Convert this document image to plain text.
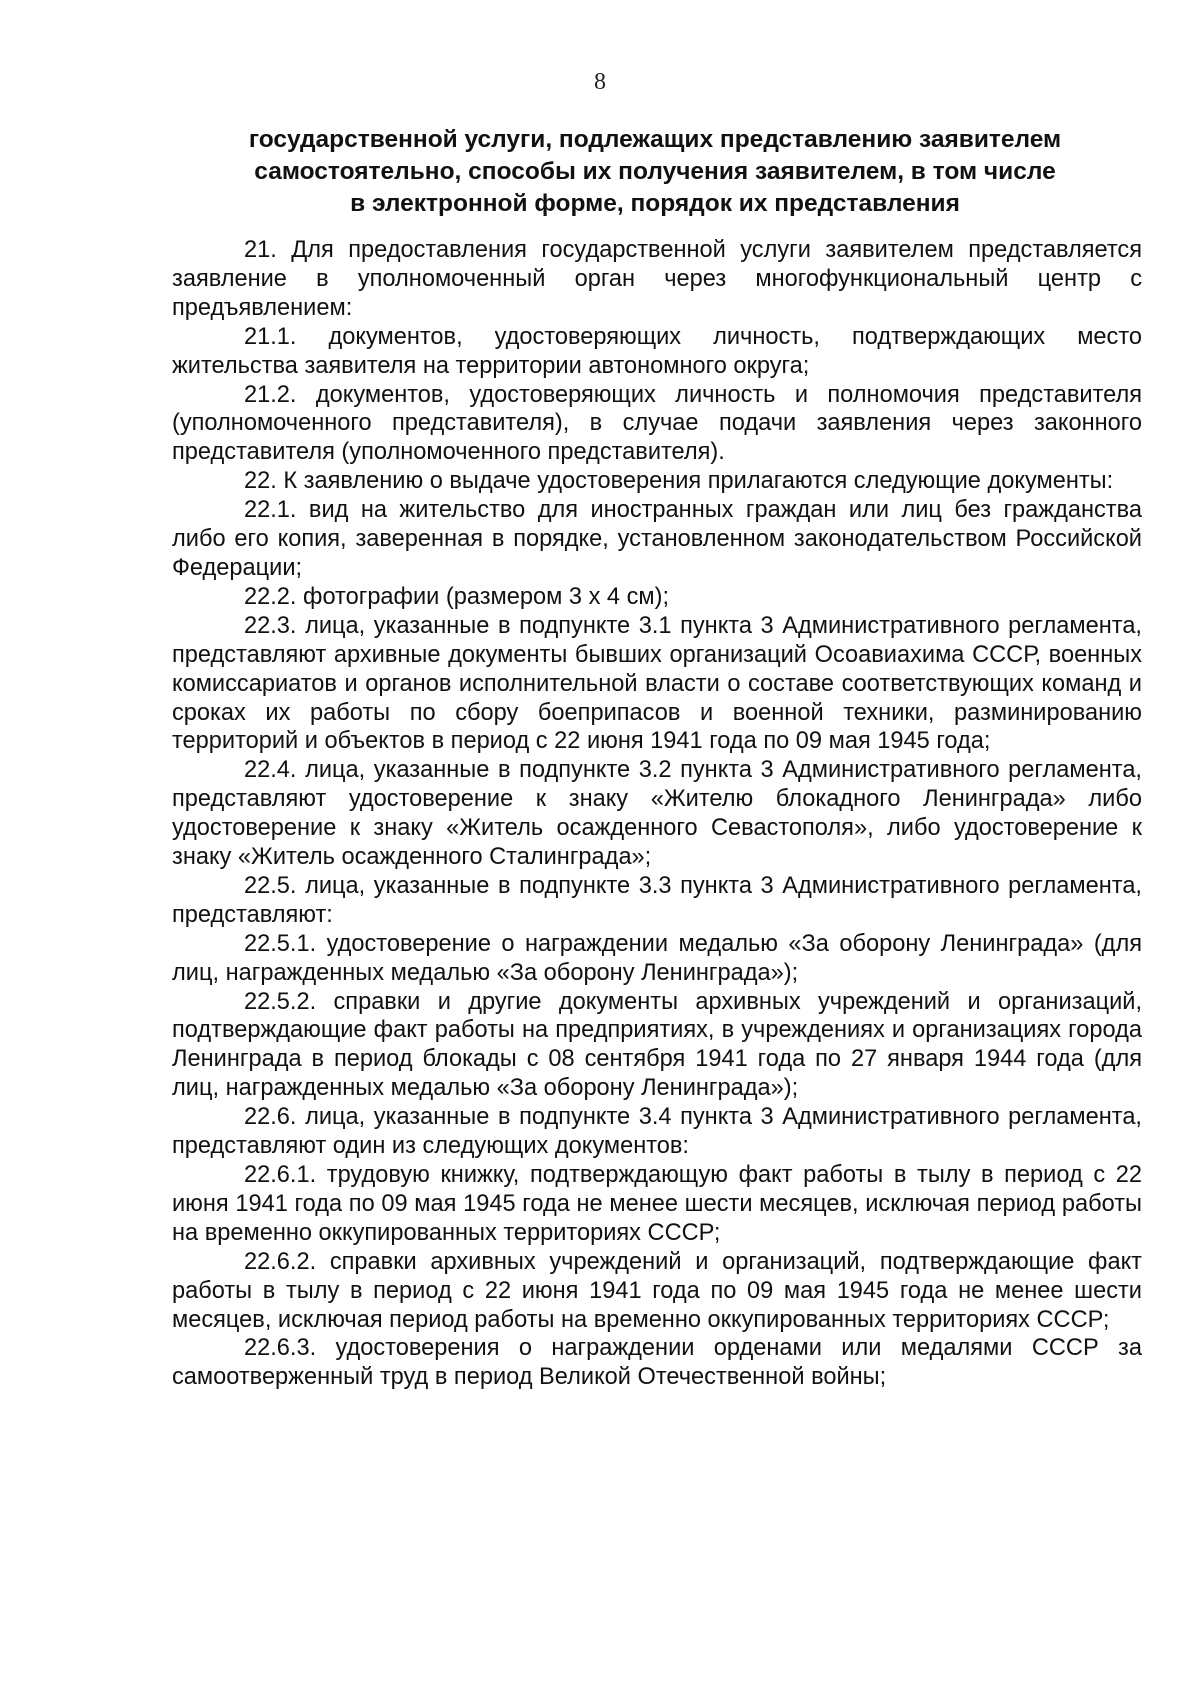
8
государственной услуги, подлежащих представлению заявителем
самостоятельно, способы их получения заявителем, в том числе
в электронной форме, порядок их представления

21. Для предоставления государственной услуги заявителем представляется заявление в уполномоченный орган через многофункциональный центр с предъявлением:

21.1. документов, удостоверяющих личность, подтверждающих место жительства заявителя на территории автономного округа;

21.2. документов, удостоверяющих личность и полномочия представителя (уполномоченного представителя), в случае подачи заявления через законного представителя (уполномоченного представителя).

22. К заявлению о выдаче удостоверения прилагаются следующие документы:

22.1. вид на жительство для иностранных граждан или лиц без гражданства либо его копия, заверенная в порядке, установленном законодательством Российской Федерации;

22.2. фотографии (размером 3 х 4 см);

22.3. лица, указанные в подпункте 3.1 пункта 3 Административного регламента, представляют архивные документы бывших организаций Осоавиахима СССР, военных комиссариатов и органов исполнительной власти о составе соответствующих команд и сроках их работы по сбору боеприпасов и военной техники, разминированию территорий и объектов в период с 22 июня 1941 года по 09 мая 1945 года;

22.4. лица, указанные в подпункте 3.2 пункта 3 Административного регламента, представляют удостоверение к знаку «Жителю блокадного Ленинграда» либо удостоверение к знаку «Житель осажденного Севастополя», либо удостоверение к знаку «Житель осажденного Сталинграда»;

22.5. лица, указанные в подпункте 3.3 пункта 3 Административного регламента, представляют:

22.5.1. удостоверение о награждении медалью «За оборону Ленинграда» (для лиц, награжденных медалью «За оборону Ленинграда»);

22.5.2. справки и другие документы архивных учреждений и организаций, подтверждающие факт работы на предприятиях, в учреждениях и организациях города Ленинграда в период блокады с 08 сентября 1941 года по 27 января 1944 года (для лиц, награжденных медалью «За оборону Ленинграда»);

22.6. лица, указанные в подпункте 3.4 пункта 3 Административного регламента, представляют один из следующих документов:

22.6.1. трудовую книжку, подтверждающую факт работы в тылу в период с 22 июня 1941 года по 09 мая 1945 года не менее шести месяцев, исключая период работы на временно оккупированных территориях СССР;

22.6.2. справки архивных учреждений и организаций, подтверждающие факт работы в тылу в период с 22 июня 1941 года по 09 мая 1945 года не менее шести месяцев, исключая период работы на временно оккупированных территориях СССР;

22.6.3. удостоверения о награждении орденами или медалями СССР за самоотверженный труд в период Великой Отечественной войны;
